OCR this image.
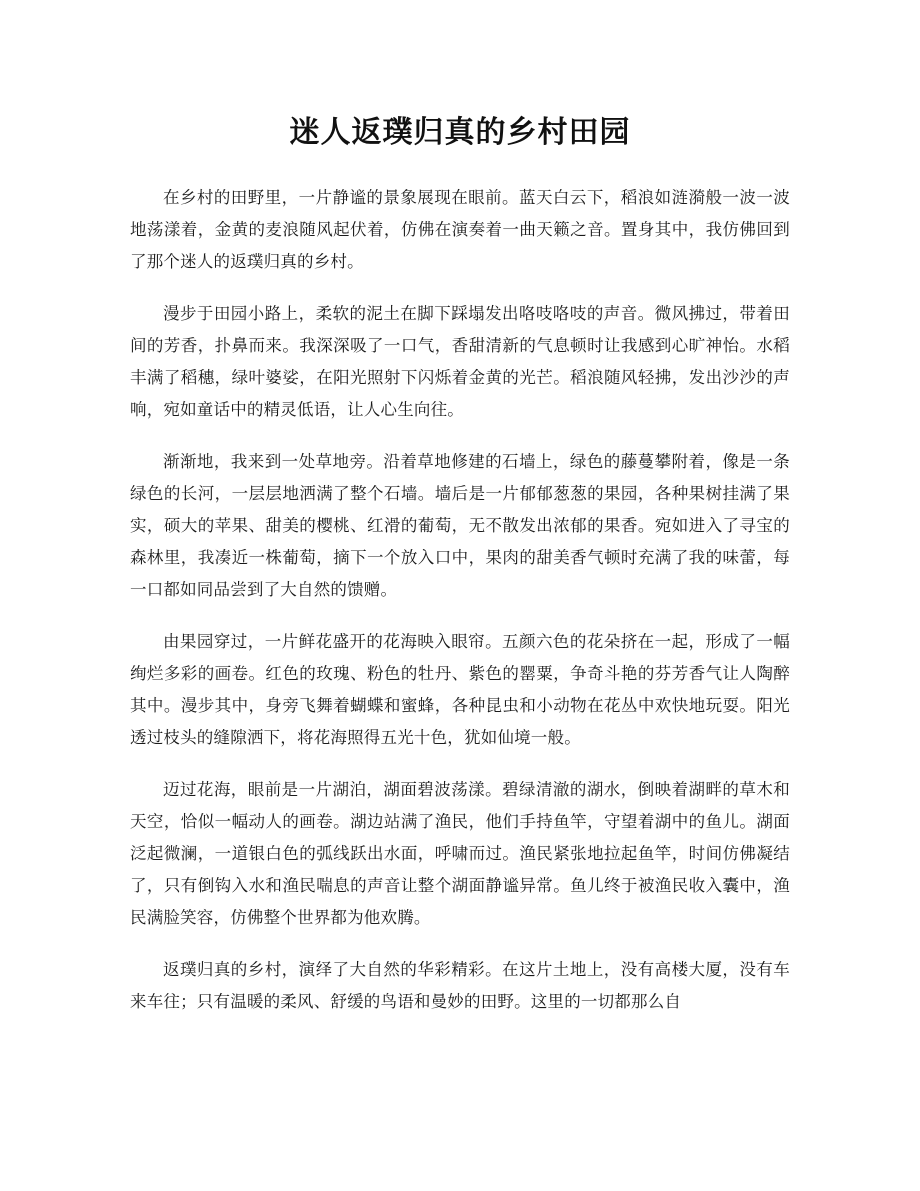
迷人返璞归真的乡村田园

在乡村的田野里，一片静谧的景象展现在眼前。蓝天白云下，稻浪如涟漪般一波一波地荡漾着，金黄的麦浪随风起伏着，仿佛在演奏着一曲天籁之音。置身其中，我仿佛回到了那个迷人的返璞归真的乡村。

漫步于田园小路上，柔软的泥土在脚下踩塌发出咯吱咯吱的声音。微风拂过，带着田间的芳香，扑鼻而来。我深深吸了一口气，香甜清新的气息顿时让我感到心旷神怡。水稻丰满了稻穗，绿叶婆娑，在阳光照射下闪烁着金黄的光芒。稻浪随风轻拂，发出沙沙的声响，宛如童话中的精灵低语，让人心生向往。

渐渐地，我来到一处草地旁。沿着草地修建的石墙上，绿色的藤蔓攀附着，像是一条绿色的长河，一层层地洒满了整个石墙。墙后是一片郁郁葱葱的果园，各种果树挂满了果实，硕大的苹果、甜美的樱桃、红滑的葡萄，无不散发出浓郁的果香。宛如进入了寻宝的森林里，我凑近一株葡萄，摘下一个放入口中，果肉的甜美香气顿时充满了我的味蕾，每一口都如同品尝到了大自然的馈赠。

由果园穿过，一片鲜花盛开的花海映入眼帘。五颜六色的花朵挤在一起，形成了一幅绚烂多彩的画卷。红色的玫瑰、粉色的牡丹、紫色的罂粟，争奇斗艳的芬芳香气让人陶醉其中。漫步其中，身旁飞舞着蝴蝶和蜜蜂，各种昆虫和小动物在花丛中欢快地玩耍。阳光透过枝头的缝隙洒下，将花海照得五光十色，犹如仙境一般。

迈过花海，眼前是一片湖泊，湖面碧波荡漾。碧绿清澈的湖水，倒映着湖畔的草木和天空，恰似一幅动人的画卷。湖边站满了渔民，他们手持鱼竿，守望着湖中的鱼儿。湖面泛起微澜，一道银白色的弧线跃出水面，呼啸而过。渔民紧张地拉起鱼竿，时间仿佛凝结了，只有倒钩入水和渔民喘息的声音让整个湖面静谧异常。鱼儿终于被渔民收入囊中，渔民满脸笑容，仿佛整个世界都为他欢腾。

返璞归真的乡村，演绎了大自然的华彩精彩。在这片土地上，没有高楼大厦，没有车来车往；只有温暖的柔风、舒缓的鸟语和曼妙的田野。这里的一切都那么自
